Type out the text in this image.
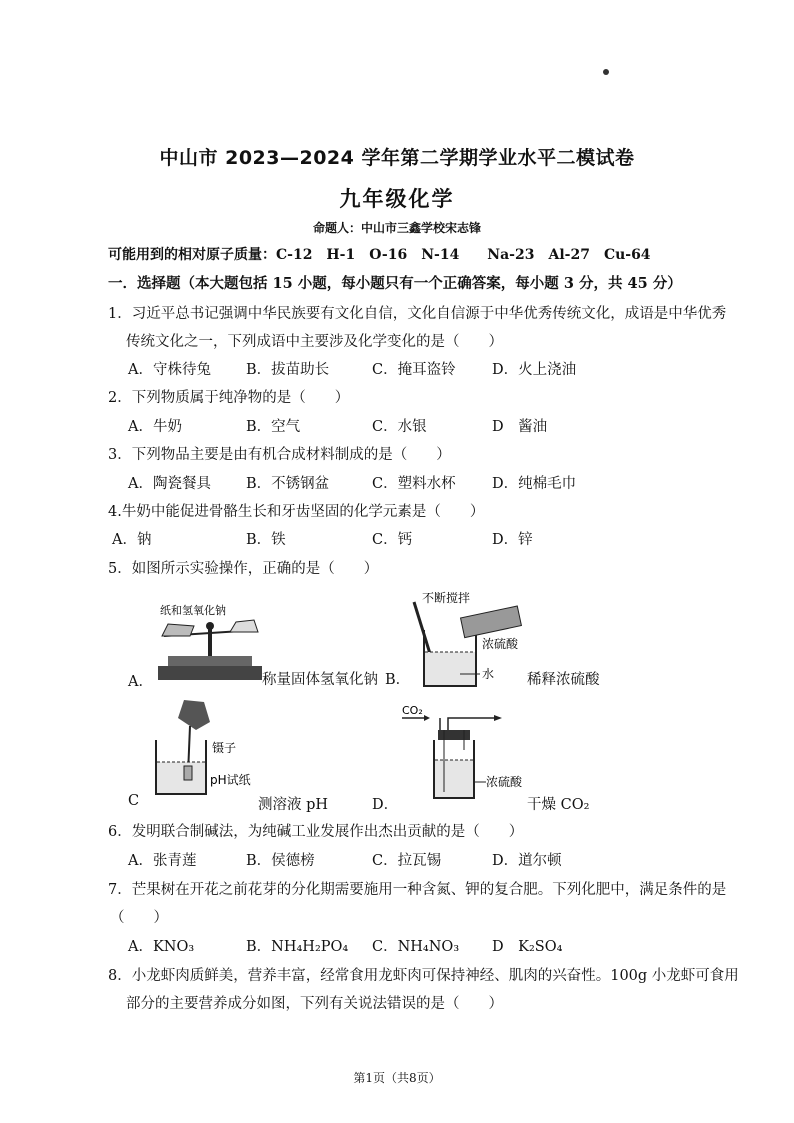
中山市 2023—2024 学年第二学期学业水平二模试卷
九年级化学
命题人：中山市三鑫学校宋志锋
可能用到的相对原子质量：C-12　H-1　O-16　N-14　　Na-23　Al-27　Cu-64
一．选择题（本大题包括 15 小题，每小题只有一个正确答案，每小题 3 分，共 45 分）
1．习近平总书记强调中华民族要有文化自信，文化自信源于中华优秀传统文化，成语是中华优秀
传统文化之一，下列成语中主要涉及化学变化的是（　　）
A．守株待兔 B．拔苗助长	C．掩耳盗铃	D．火上浇油
2．下列物质属于纯净物的是（　　）
A．牛奶	B．空气	C．水银	D　酱油
3．下列物品主要是由有机合成材料制成的是（　　）
A．陶瓷餐具 B．不锈钢盆	C．塑料水杯	D．纯棉毛巾
4.牛奶中能促进骨骼生长和牙齿坚固的化学元素是（　　）
A．钠	B．铁	C．钙	D．锌
5．如图所示实验操作，正确的是（　　）
纸和氢氧化钠
A．	称量固体氢氧化钠 B．
不断搅拌
浓硫酸
水 稀释浓硫酸
镊子
pH试纸
C	测溶液 pH
CO₂
浓硫酸
D．	干燥 CO₂
6．发明联合制碱法，为纯碱工业发展作出杰出贡献的是（　　）
A．张青莲	B．侯德榜	C．拉瓦锡	D．道尔顿
7．芒果树在开花之前花芽的分化期需要施用一种含氮、钾的复合肥。下列化肥中，满足条件的是
（　　）
A．KNO₃	B．NH₄H₂PO₄ C．NH₄NO₃ D　K₂SO₄
8．小龙虾肉质鲜美，营养丰富，经常食用龙虾肉可保持神经、肌肉的兴奋性。100g 小龙虾可食用
部分的主要营养成分如图，下列有关说法错误的是（　　）
第1页（共8页）
